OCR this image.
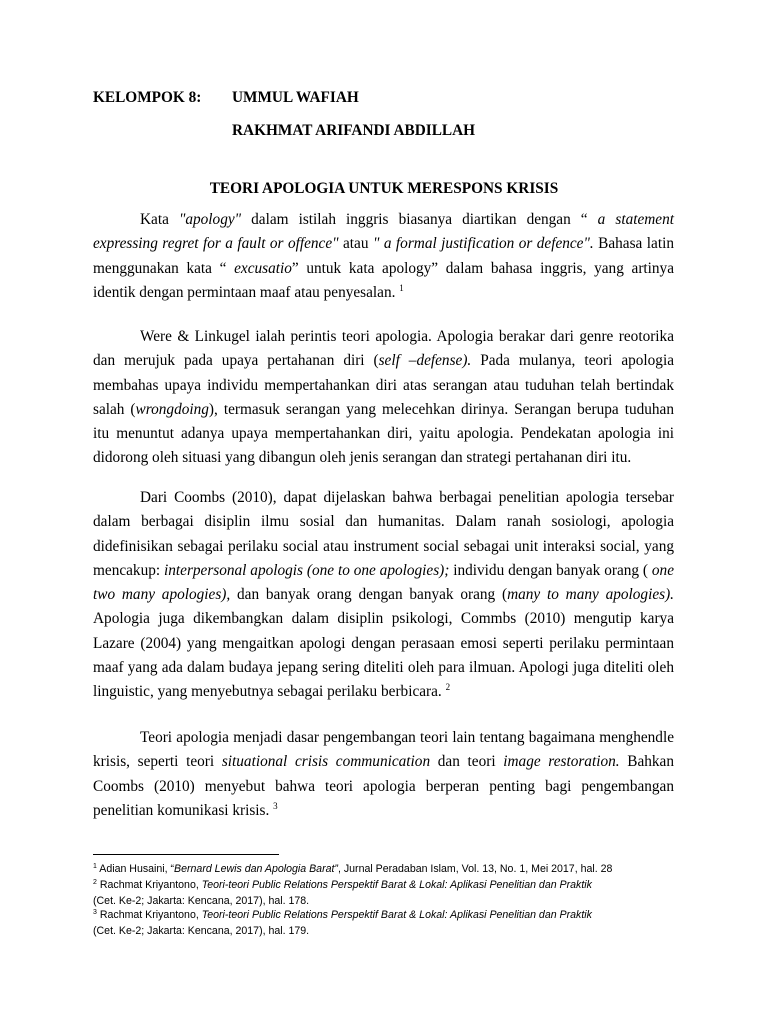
KELOMPOK 8: UMMUL WAFIAH
RAKHMAT ARIFANDI ABDILLAH
TEORI APOLOGIA UNTUK MERESPONS KRISIS

Kata "apology" dalam istilah inggris biasanya diartikan dengan “ a statement expressing regret for a fault or offence" atau " a formal justification or defence". Bahasa latin menggunakan kata “ excusatio” untuk kata apology” dalam bahasa inggris, yang artinya identik dengan permintaan maaf atau penyesalan. $^1$

Were & Linkugel ialah perintis teori apologia. Apologia berakar dari genre reotorika dan merujuk pada upaya pertahanan diri (self –defense). Pada mulanya, teori apologia membahas upaya individu mempertahankan diri atas serangan atau tuduhan telah bertindak salah (wrongdoing), termasuk serangan yang melecehkan dirinya. Serangan berupa tuduhan itu menuntut adanya upaya mempertahankan diri, yaitu apologia. Pendekatan apologia ini didorong oleh situasi yang dibangun oleh jenis serangan dan strategi pertahanan diri itu.

Dari Coombs (2010), dapat dijelaskan bahwa berbagai penelitian apologia tersebar dalam berbagai disiplin ilmu sosial dan humanitas. Dalam ranah sosiologi, apologia didefinisikan sebagai perilaku social atau instrument social sebagai unit interaksi social, yang mencakup: interpersonal apologis (one to one apologies); individu dengan banyak orang ( one two many apologies), dan banyak orang dengan banyak orang (many to many apologies). Apologia juga dikembangkan dalam disiplin psikologi, Commbs (2010) mengutip karya Lazare (2004) yang mengaitkan apologi dengan perasaan emosi seperti perilaku permintaan maaf yang ada dalam budaya jepang sering diteliti oleh para ilmuan. Apologi juga diteliti oleh linguistic, yang menyebutnya sebagai perilaku berbicara. $^2$

Teori apologia menjadi dasar pengembangan teori lain tentang bagaimana menghendle krisis, seperti teori situational crisis communication dan teori image restoration. Bahkan Coombs (2010) menyebut bahwa teori apologia berperan penting bagi pengembangan penelitian komunikasi krisis. $^3$

$^1$ Adian Husaini, “Bernard Lewis dan Apologia Barat”, Jurnal Peradaban Islam, Vol. 13, No. 1, Mei 2017, hal. 28
$^2$ Rachmat Kriyantono, Teori-teori Public Relations Perspektif Barat & Lokal: Aplikasi Penelitian dan Praktik
(Cet. Ke-2; Jakarta: Kencana, 2017), hal. 178.
$^3$ Rachmat Kriyantono, Teori-teori Public Relations Perspektif Barat & Lokal: Aplikasi Penelitian dan Praktik
(Cet. Ke-2; Jakarta: Kencana, 2017), hal. 179.
